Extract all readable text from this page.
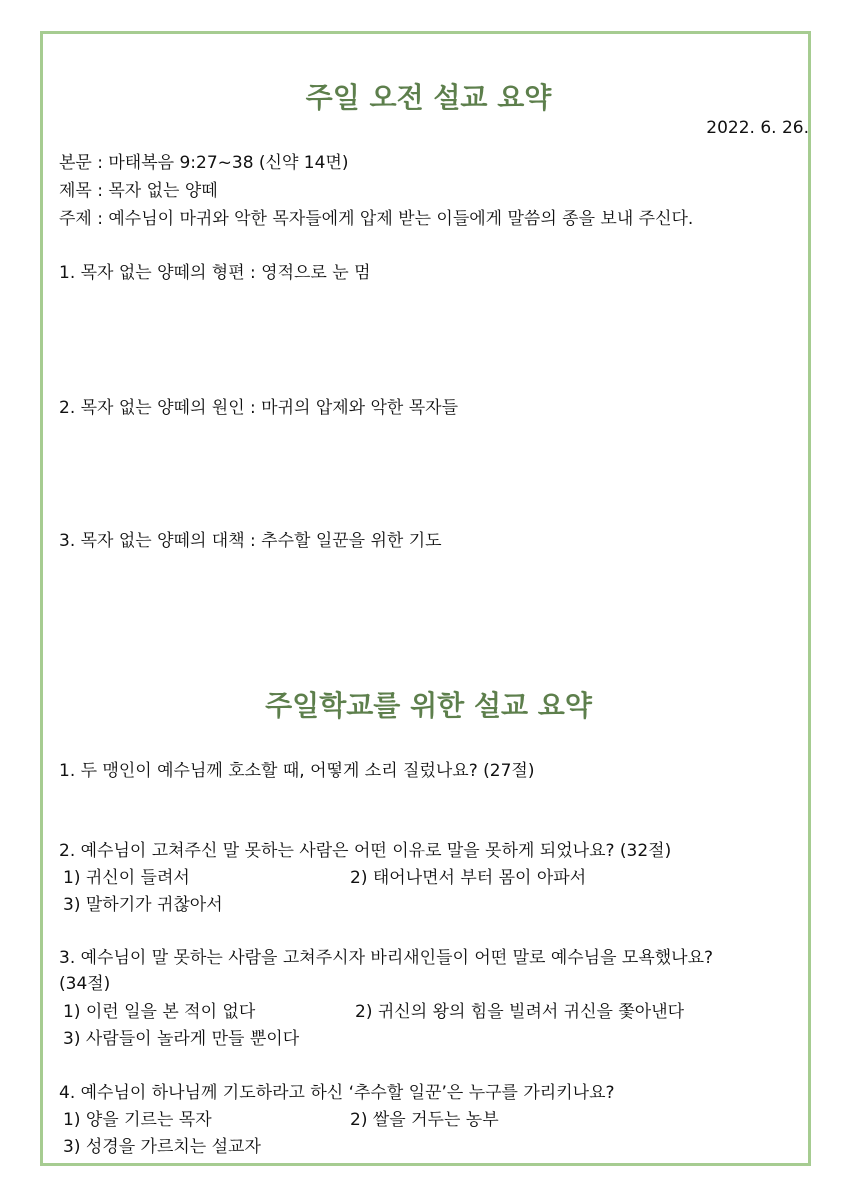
주일 오전 설교 요약
2022. 6. 26.
본문 : 마태복음 9:27~38 (신약 14면)
제목 : 목자 없는 양떼
주제 : 예수님이 마귀와 악한 목자들에게 압제 받는 이들에게 말씀의 종을 보내 주신다.
1. 목자 없는 양떼의 형편 : 영적으로 눈 멈
2. 목자 없는 양떼의 원인 : 마귀의 압제와 악한 목자들
3. 목자 없는 양떼의 대책 : 추수할 일꾼을 위한 기도
주일학교를 위한 설교 요약
1. 두 맹인이 예수님께 호소할 때, 어떻게 소리 질렀나요? (27절)
2. 예수님이 고쳐주신 말 못하는 사람은 어떤 이유로 말을 못하게 되었나요? (32절)
1) 귀신이 들려서	2) 태어나면서 부터 몸이 아파서
3) 말하기가 귀찮아서
3. 예수님이 말 못하는 사람을 고쳐주시자 바리새인들이 어떤 말로 예수님을 모욕했나요?
(34절)
1) 이런 일을 본 적이 없다	2) 귀신의 왕의 힘을 빌려서 귀신을 쫓아낸다
3) 사람들이 놀라게 만들 뿐이다
4. 예수님이 하나님께 기도하라고 하신 ‘추수할 일꾼’은 누구를 가리키나요?
1) 양을 기르는 목자	2) 쌀을 거두는 농부
3) 성경을 가르치는 설교자
